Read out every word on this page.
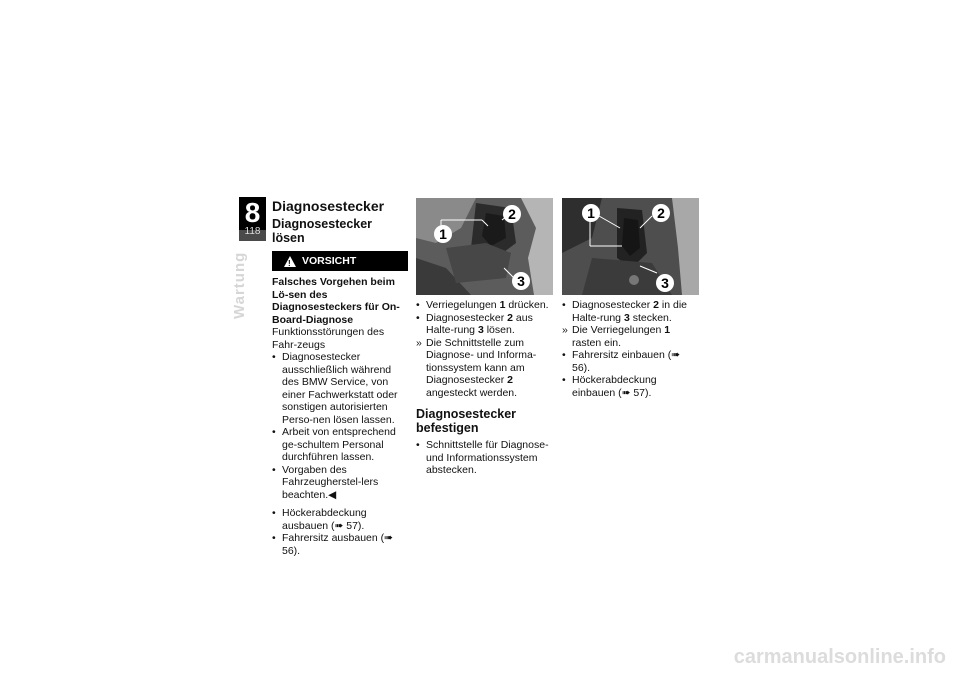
8
118
Wartung
Diagnosestecker
Diagnosestecker lösen
! VORSICHT

Falsches Vorgehen beim Lö-sen des Diagnosesteckers für On-Board-Diagnose

Funktionsstörungen des Fahr-zeugs

• Diagnosestecker ausschließlich während des BMW Service, von einer Fachwerkstatt oder sonstigen autorisierten Perso-nen lösen lassen.
• Arbeit von entsprechend ge-schultem Personal durchführen lassen.
• Vorgaben des Fahrzeugherstel-lers beachten.◀
• Höckerabdeckung ausbauen (➠ 57).
• Fahrersitz ausbauen (➠ 56).
1
2
3
1	2
3
• Verriegelungen 1 drücken.
• Diagnosestecker 2 aus Halte-rung 3 lösen.
» Die Schnittstelle zum Diagnose- und Informa-tionssystem kann am Diagnosestecker 2 angesteckt werden.
Diagnosestecker befestigen
• Schnittstelle für Diagnose- und Informationssystem abstecken.
• Diagnosestecker 2 in die Halte-rung 3 stecken.
» Die Verriegelungen 1 rasten ein.
• Fahrersitz einbauen (➠ 56).
• Höckerabdeckung einbauen (➠ 57).
carmanualsonline.info
